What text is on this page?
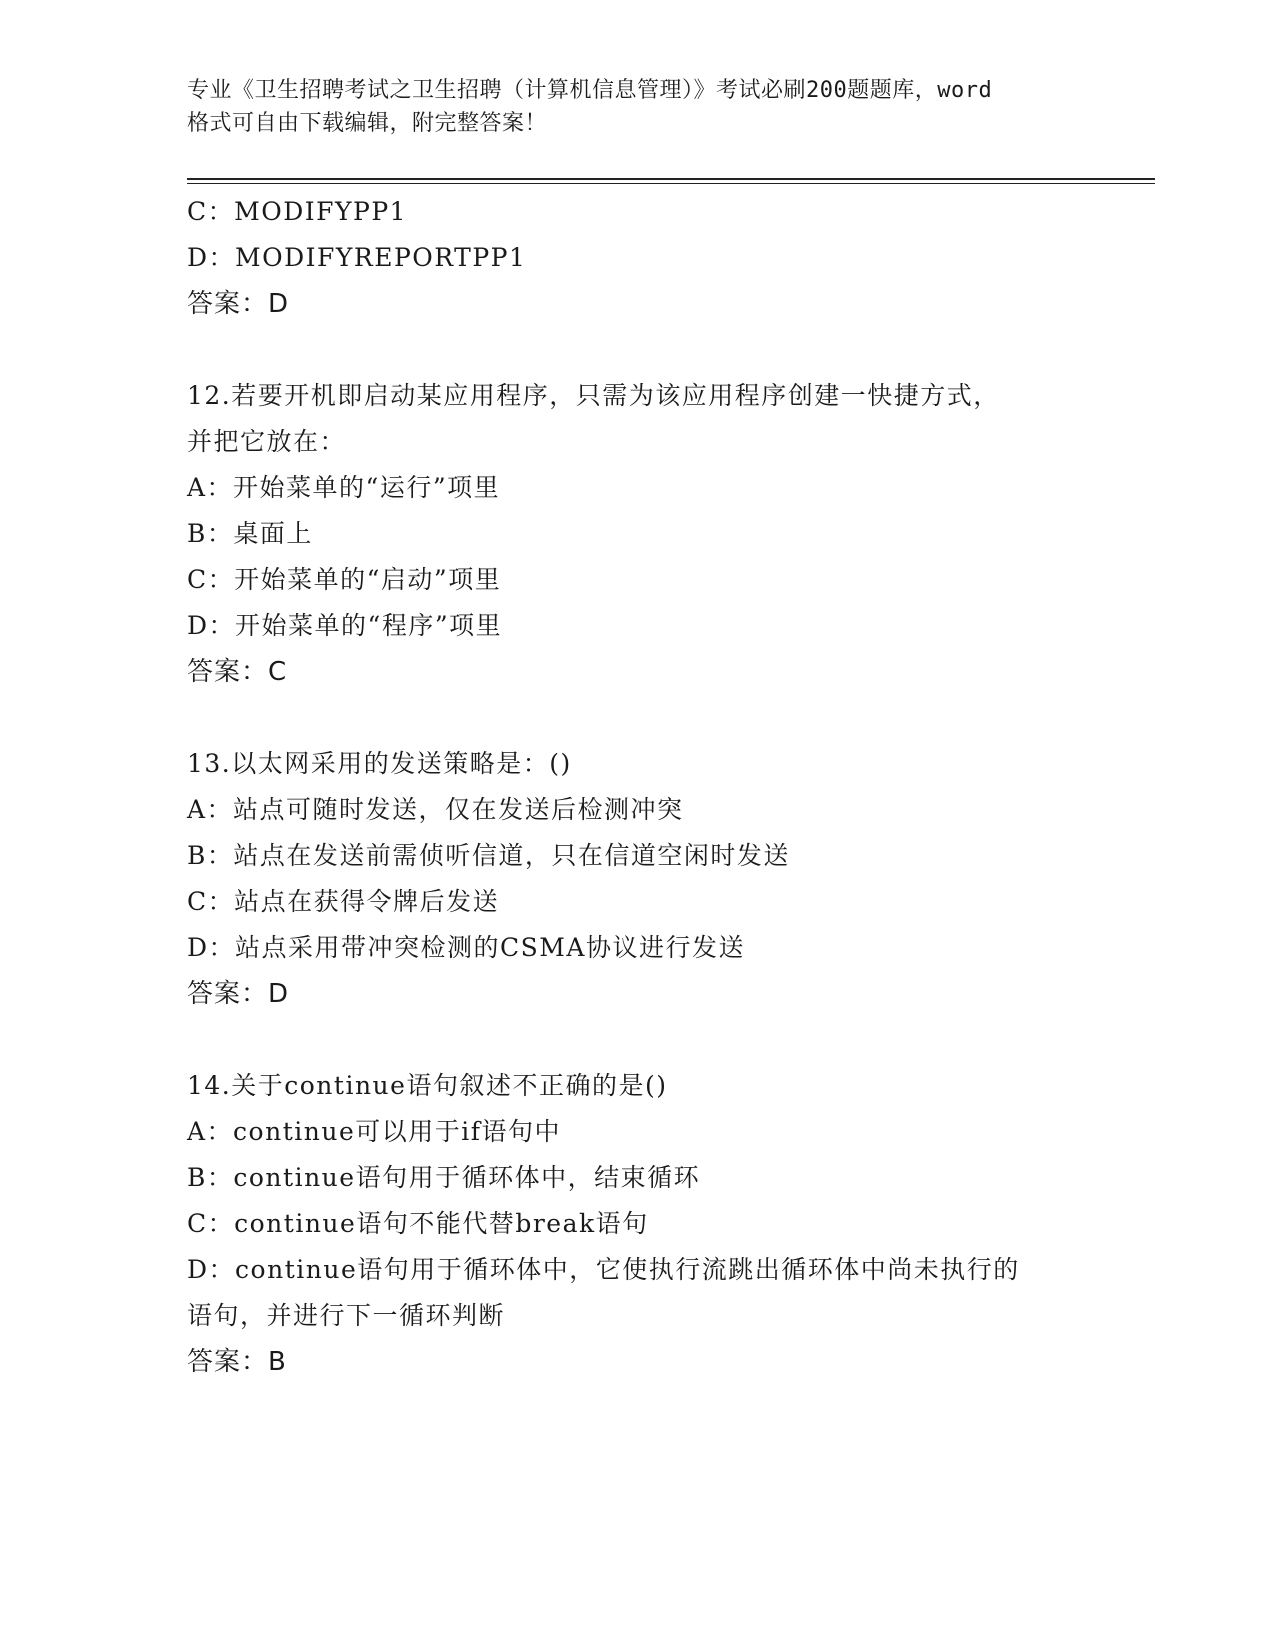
专业《卫生招聘考试之卫生招聘（计算机信息管理）》考试必刷200题题库，word
格式可自由下载编辑，附完整答案！
C：MODIFYPP1
D：MODIFYREPORTPP1
答案：D
12.若要开机即启动某应用程序，只需为该应用程序创建一快捷方式，
并把它放在：
A：开始菜单的“运行”项里
B：桌面上
C：开始菜单的“启动”项里
D：开始菜单的“程序”项里
答案：C
13.以太网采用的发送策略是：()
A：站点可随时发送，仅在发送后检测冲突
B：站点在发送前需侦听信道，只在信道空闲时发送
C：站点在获得令牌后发送
D：站点采用带冲突检测的CSMA协议进行发送
答案：D
14.关于continue语句叙述不正确的是()
A：continue可以用于if语句中
B：continue语句用于循环体中，结束循环
C：continue语句不能代替break语句
D：continue语句用于循环体中，它使执行流跳出循环体中尚未执行的
语句，并进行下一循环判断
答案：B
